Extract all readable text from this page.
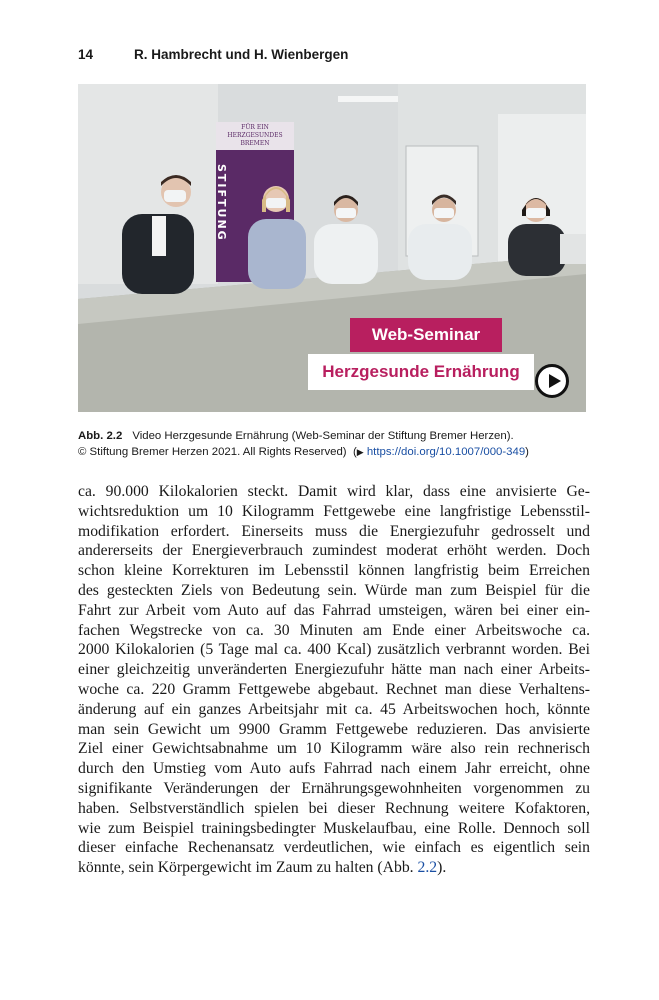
14	R. Hambrecht und H. Wienbergen
FÜR EIN
HERZGESUNDES
BREMEN
STIFTUNG
Web-Seminar
Herzgesunde Ernährung
Abb. 2.2 Video Herzgesunde Ernährung (Web-Seminar der Stiftung Bremer Herzen).
© Stiftung Bremer Herzen 2021. All Rights Reserved) (▶ https://doi.org/10.1007/000-349)

ca. 90.000 Kilokalorien steckt. Damit wird klar, dass eine anvisierte Ge-
wichtsreduktion um 10 Kilogramm Fettgewebe eine langfristige Lebensstil-
modifikation erfordert. Einerseits muss die Energiezufuhr gedrosselt und
andererseits der Energieverbrauch zumindest moderat erhöht werden. Doch
schon kleine Korrekturen im Lebensstil können langfristig beim Erreichen
des gesteckten Ziels von Bedeutung sein. Würde man zum Beispiel für die
Fahrt zur Arbeit vom Auto auf das Fahrrad umsteigen, wären bei einer ein-
fachen Wegstrecke von ca. 30 Minuten am Ende einer Arbeitswoche ca.
2000 Kilokalorien (5 Tage mal ca. 400 Kcal) zusätzlich verbrannt worden. Bei
einer gleichzeitig unveränderten Energiezufuhr hätte man nach einer Arbeits-
woche ca. 220 Gramm Fettgewebe abgebaut. Rechnet man diese Verhaltens-
änderung auf ein ganzes Arbeitsjahr mit ca. 45 Arbeitswochen hoch, könnte
man sein Gewicht um 9900 Gramm Fettgewebe reduzieren. Das anvisierte
Ziel einer Gewichtsabnahme um 10 Kilogramm wäre also rein rechnerisch
durch den Umstieg vom Auto aufs Fahrrad nach einem Jahr erreicht, ohne
signifikante Veränderungen der Ernährungsgewohnheiten vorgenommen zu
haben. Selbstverständlich spielen bei dieser Rechnung weitere Kofaktoren,
wie zum Beispiel trainingsbedingter Muskelaufbau, eine Rolle. Dennoch soll
dieser einfache Rechenansatz verdeutlichen, wie einfach es eigentlich sein
könnte, sein Körpergewicht im Zaum zu halten (Abb. 2.2).
